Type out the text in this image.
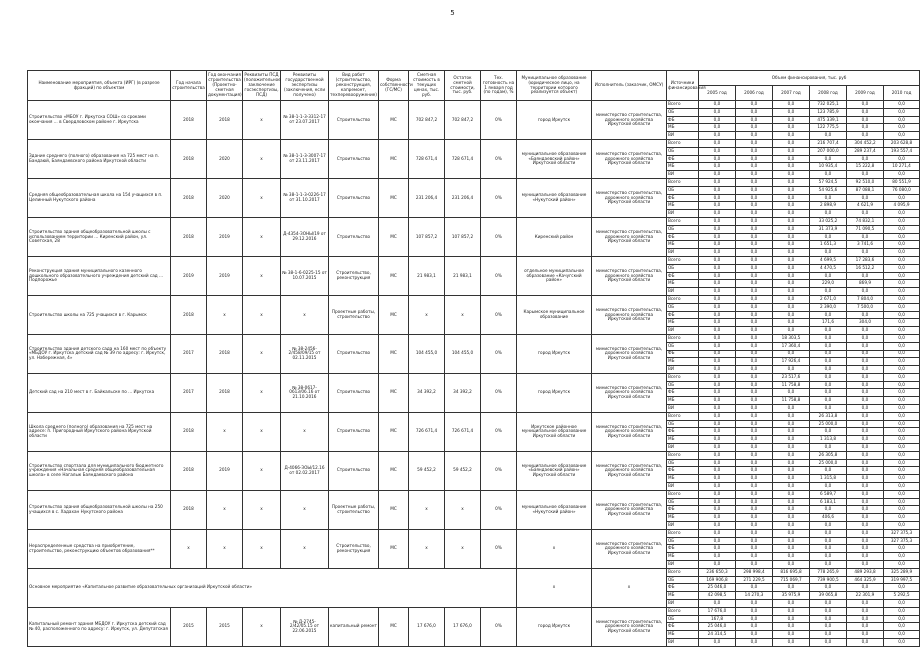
5
Наименование мероприятия, объекта (ИРГ) (в разрезе фракций) по объектам	Год начала строительства	Год окончания строительства (Проектно-сметная документация)	Реквизиты ПСД (положительное заключение госэкспертизы, ПСД)	Реквизиты государственной экспертизы (заключения, если получено)	Вид работ (строительство, реконструкция, капремонт, техперевооружение)	Форма собственности (ГС/МС)	Сметная стоимость в текущих ценах, тыс. руб.	Остаток сметной стоимости, тыс. руб.	Тех. готовность на 1 января год (по годам), %	Муниципальное образование (юридическое лицо, на территории которого реализуется объект)	Исполнитель (заказчик, ОМСУ)	Источники финансирования	Объем финансирования, тыс. руб					
													2005 год	2006 год	2007 год	2008 год	2009 год	2010 год
Строительство «МБОУ г. Иркутска СОШ» со сроками окончания ... в Свердловском районе г. Иркутска	2018	2018	х	№ 38-1-1-3-3312-17 от 23.07.2017	Строительство	МС	702 847,2	702 847,2	0%	город Иркутск	министерство строительства, дорожного хозяйства Иркутской области	Всего	0,0	0,0	0,0	732 025,1	0,0	0,0
												ОБ	0,0	0,0	0,0	123 785,9	0,0	0,0
												ФБ	0,0	0,0	0,0	475 339,1	0,0	0,0
												МБ	0,0	0,0	0,0	122 775,5	0,0	0,0
												ВИ	0,0	0,0	0,0	0,0	0,0	0,0
Здание среднего (полного) образования на 725 мест на п. Бандаюй, Баяндаевского района Иркутской области	2018	2020	х	№ 38-1-1-3-3007-17 от 23.11.2017	Строительство	МС	728 671,4	728 671,4	0%	муниципальное образование «Баяндаевский район» Иркутской области	министерство строительства, дорожного хозяйства Иркутской области	Всего	0,0	0,0	0,0	216 707,4	304 452,2	203 628,8
												ОБ	0,0	0,0	0,0	207 000,0	289 237,4	193 557,4
												ФБ	0,0	0,0	0,0	0,0	0,0	0,0
												МБ	0,0	0,0	0,0	10 935,4	15 222,8	10 271,4
												ВИ	0,0	0,0	0,0	0,0	0,0	0,0
Средняя общеобразовательная школа на 154 учащихся в п. Целинный Нукутского района	2018	2020	х	№ 38-1-1-3-0226-17 от 31.10.2017	Строительство	МС	231 206,4	231 206,4	0%	муниципальное образование «Нукутский район»	министерство строительства, дорожного хозяйства Иркутской области	Всего	0,0	0,0	0,0	57 924,5	92 510,0	80 551,9
												ОБ	0,0	0,0	0,0	54 925,6	87 088,1	76 080,0
												ФБ	0,0	0,0	0,0	0,0	0,0	0,0
												МБ	0,0	0,0	0,0	2 898,9	4 621,9	4 095,9
												ВИ	0,0	0,0	0,0	0,0	0,0	0,0
Строительство здания общеобразовательной школы с использованием территории ... Киренский район, ул. Советская, 28	2018	2019	х	Д-4354-ЗОНЫ/19 от 29.12.2016	Строительство	МС	107 857,2	107 857,2	0%	Киренский район	министерство строительства, дорожного хозяйства Иркутской области	Всего	0,0	0,0	0,0	33 025,2	74 832,1	0,0
												ОБ	0,0	0,0	0,0	31 373,9	71 090,5	0,0
												ФБ	0,0	0,0	0,0	0,0	0,0	0,0
												МБ	0,0	0,0	0,0	1 651,3	3 741,6	0,0
												ВИ	0,0	0,0	0,0	0,0	0,0	0,0
Реконструкция здания муниципального казенного дошкольного образовательного учреждения детский сад ... Подпорожье	2019	2019	х	№ 38-1-6-0225-15 от 10.07.2015	Строительство, реконструкция	МС	21 983,1	21 983,1	0%	отдельное муниципальное образование «Качугский район»	министерство строительства, дорожного хозяйства Иркутской области	Всего	0,0	0,0	0,0	4 699,5	17 283,6	0,0
												ОБ	0,0	0,0	0,0	4 470,5	16 512,2	0,0
												ФБ	0,0	0,0	0,0	0,0	0,0	0,0
												МБ	0,0	0,0	0,0	229,0	869,9	0,0
												ВИ	0,0	0,0	0,0	0,0	0,0	0,0
Строительство школы на 725 учащихся в г. Карымск	2018	х	х	х	Проектные работы, строительство	МС	х	х	0%	Карымское муниципальное образование	министерство строительства, дорожного хозяйства Иркутской области	Всего	0,0	0,0	0,0	2 671,0	7 804,0	0,0
												ОБ	0,0	0,0	0,0	2 390,0	7 500,0	0,0
												ФБ	0,0	0,0	0,0	0,0	0,0	0,0
												МБ	0,0	0,0	0,0	171,6	304,0	0,0
												ВИ	0,0	0,0	0,0	0,0	0,0	0,0
Строительство здания детского сада на 160 мест по объекту «МБДОУ г. Иркутска детский сад № 39 по адресу: г. Иркутск, ул. Набережная, 4»	2017	2018	х	№ 38-2456-2/458/09/15 от 02.11.2015	Строительство	МС	104 455,0	104 455,0	0%	город Иркутск	министерство строительства, дорожного хозяйства Иркутской области	Всего	0,0	0,0	18 303,5	0,0	0,0	0,0
												ОБ	0,0	0,0	17 360,4	0,0	0,0	0,0
												ФБ	0,0	0,0	0,0	0,0	0,0	0,0
												МБ	0,0	0,0	17 926,4	0,0	0,0	0,0
												ВИ	0,0	0,0	0,0	0,0	0,0	0,0
Детский сад на 210 мест в г. Байкальске по ... Иркутска	2017	2018	х	№ 38-0617-0613/06.16 от 21.10.2016	Строительство	МС	34 392,2	34 392,2	0%	город Иркутск	министерство строительства, дорожного хозяйства Иркутской области	Всего	0,0	0,0	23 517,6	0,0	0,0	0,0
												ОБ	0,0	0,0	11 758,8	0,0	0,0	0,0
												ФБ	0,0	0,0	0,0	0,0	0,0	0,0
												МБ	0,0	0,0	11 758,8	0,0	0,0	0,0
												ВИ	0,0	0,0	0,0	0,0	0,0	0,0
Школа среднего (полного) образования на 725 мест на адресе: п. Пригородный Иркутского района Иркутской области	2018	х	х	х	Строительство	МС	726 671,4	726 671,4	0%	Иркутское районное муниципальное образование Иркутской области	министерство строительства, дорожного хозяйства Иркутской области	Всего	0,0	0,0	0,0	26 313,8	0,0	0,0
												ОБ	0,0	0,0	0,0	25 000,0	0,0	0,0
												ФБ	0,0	0,0	0,0	0,0	0,0	0,0
												МБ	0,0	0,0	0,0	1 313,8	0,0	0,0
												ВИ	0,0	0,0	0,0	0,0	0,0	0,0
Строительство спортзала для муниципального бюджетного учреждения «Начальная средняя общеобразовательная школа» в селе Нагалык Баяндаевского района	2018	2019	х	Д-4066-ЗОЫ/12.16 от 02.02.2017	Строительство	МС	59 452,2	59 452,2	0%	муниципальное образование «Баяндаевский район» Иркутской области	министерство строительства, дорожного хозяйства Иркутской области	Всего	0,0	0,0	0,0	26 305,8	0,0	0,0
												ОБ	0,0	0,0	0,0	25 000,0	0,0	0,0
												ФБ	0,0	0,0	0,0	0,0	0,0	0,0
												МБ	0,0	0,0	0,0	1 315,8	0,0	0,0
												ВИ	0,0	0,0	0,0	0,0	0,0	0,0
Строительство здания общеобразовательной школы на 250 учащихся в с. Хадахан Нукутского района	2018	х	х	х	Проектные работы, строительство	МС	х	х	0%	муниципальное образование «Нукутский район»	министерство строительства, дорожного хозяйства Иркутской области	Всего	0,0	0,0	0,0	6 589,7	0,0	0,0
												ОБ	0,0	0,0	0,0	6 183,1	0,0	0,0
												ФБ	0,0	0,0	0,0	0,0	0,0	0,0
												МБ	0,0	0,0	0,0	406,6	0,0	0,0
												ВИ	0,0	0,0	0,0	0,0	0,0	0,0
Нераспределенные средства на приобретение, строительство, реконструкцию объектов образования**	х	х	х	х	Строительство, реконструкция	МС	х	х	0%	х	министерство строительства, дорожного хозяйства Иркутской области	Всего	0,0	0,0	0,0	0,0	0,0	327 375,3
												ОБ	0,0	0,0	0,0	0,0	0,0	327 375,3
												ФБ	0,0	0,0	0,0	0,0	0,0	0,0
												МБ	0,0	0,0	0,0	0,0	0,0	0,0
												ВИ	0,0	0,0	0,0	0,0	0,0	0,0
Основное мероприятие «Капитальное развитие образовательных организаций Иркутской области»										х	х	Всего	236 650,3	298 998,4	816 695,8	778 265,9	489 293,8	325 289,9
												ОБ	169 906,8	271 229,5	715 069,7	739 900,5	464 325,9	319 997,5
												ФБ	25 046,0	0,0	0,0	0,0	0,0	0,0
												МБ	42 098,5	14 270,3	35 975,9	39 065,8	22 301,9	5 292,5
												ВИ	0,0	0,0	0,0	0,0	0,0	0,0
Капитальный ремонт здания МБДОУ г. Иркутска детский сад № 40, расположенного по адресу: г. Иркутск, ул. Депутатская	2015	2015	х	№ Д-2745-2/42/05.15 от 22.06.2015	капитальный ремонт	МС	17 676,0	17 676,0	0%	город Иркутск	министерство строительства, дорожного хозяйства Иркутской области	Всего	17 676,0	0,0	0,0	0,0	0,0	0,0
												ОБ	167,8	0,0	0,0	0,0	0,0	0,0
												ФБ	25 046,0	0,0	0,0	0,0	0,0	0,0
												МБ	24 314,5	0,0	0,0	0,0	0,0	0,0
												ВИ	0,0	0,0	0,0	0,0	0,0	0,0
